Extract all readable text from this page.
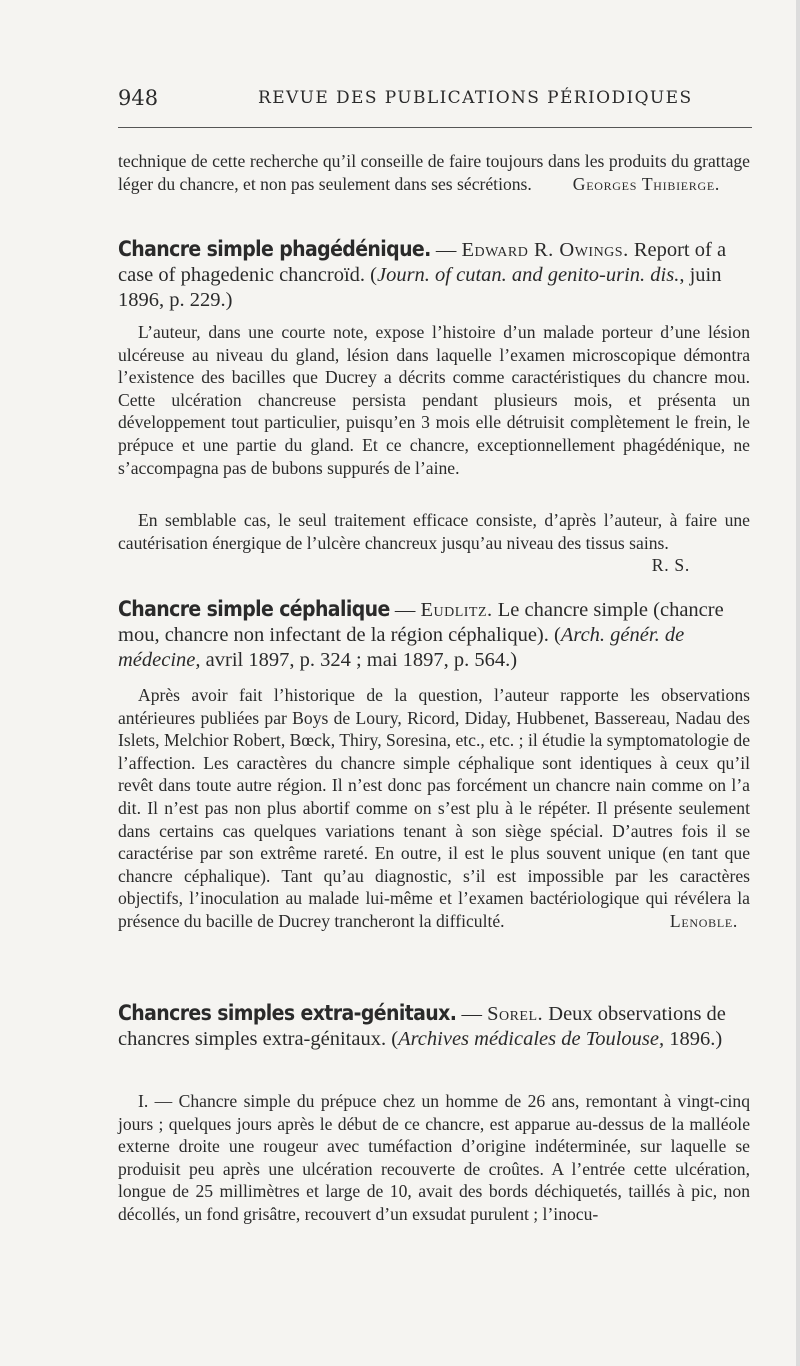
948	REVUE DES PUBLICATIONS PÉRIODIQUES
technique de cette recherche qu’il conseille de faire toujours dans les produits du grattage léger du chancre, et non pas seulement dans ses sécrétions. Georges Thibierge.
Chancre simple phagédénique. — Edward R. Owings. Report of a case of phagedenic chancroïd. (Journ. of cutan. and genito-urin. dis., juin 1896, p. 229.)
L’auteur, dans une courte note, expose l’histoire d’un malade porteur d’une lésion ulcéreuse au niveau du gland, lésion dans laquelle l’examen microscopique démontra l’existence des bacilles que Ducrey a décrits comme caractéristiques du chancre mou. Cette ulcération chancreuse persista pendant plusieurs mois, et présenta un développement tout particulier, puisqu’en 3 mois elle détruisit complètement le frein, le prépuce et une partie du gland. Et ce chancre, exceptionnellement phagédénique, ne s’accompagna pas de bubons suppurés de l’aine.
En semblable cas, le seul traitement efficace consiste, d’après l’auteur, à faire une cautérisation énergique de l’ulcère chancreux jusqu’au niveau des tissus sains.
R. S.
Chancre simple céphalique — Eudlitz. Le chancre simple (chancre mou, chancre non infectant de la région céphalique). (Arch. génér. de médecine, avril 1897, p. 324 ; mai 1897, p. 564.)
Après avoir fait l’historique de la question, l’auteur rapporte les observations antérieures publiées par Boys de Loury, Ricord, Diday, Hubbenet, Bassereau, Nadau des Islets, Melchior Robert, Bœck, Thiry, Soresina, etc., etc. ; il étudie la symptomatologie de l’affection. Les caractères du chancre simple céphalique sont identiques à ceux qu’il revêt dans toute autre région. Il n’est donc pas forcément un chancre nain comme on l’a dit. Il n’est pas non plus abortif comme on s’est plu à le répéter. Il présente seulement dans certains cas quelques variations tenant à son siège spécial. D’autres fois il se caractérise par son extrême rareté. En outre, il est le plus souvent unique (en tant que chancre céphalique). Tant qu’au diagnostic, s’il est impossible par les caractères objectifs, l’inoculation au malade lui-même et l’examen bactériologique qui révélera la présence du bacille de Ducrey trancheront la difficulté.	Lenoble.
Chancres simples extra-génitaux. — Sorel. Deux observations de chancres simples extra-génitaux. (Archives médicales de Toulouse, 1896.)
I. — Chancre simple du prépuce chez un homme de 26 ans, remontant à vingt-cinq jours ; quelques jours après le début de ce chancre, est apparue au-dessus de la malléole externe droite une rougeur avec tuméfaction d’origine indéterminée, sur laquelle se produisit peu après une ulcération recouverte de croûtes. A l’entrée cette ulcération, longue de 25 millimètres et large de 10, avait des bords déchiquetés, taillés à pic, non décollés, un fond grisâtre, recouvert d’un exsudat purulent ; l’inocu-
